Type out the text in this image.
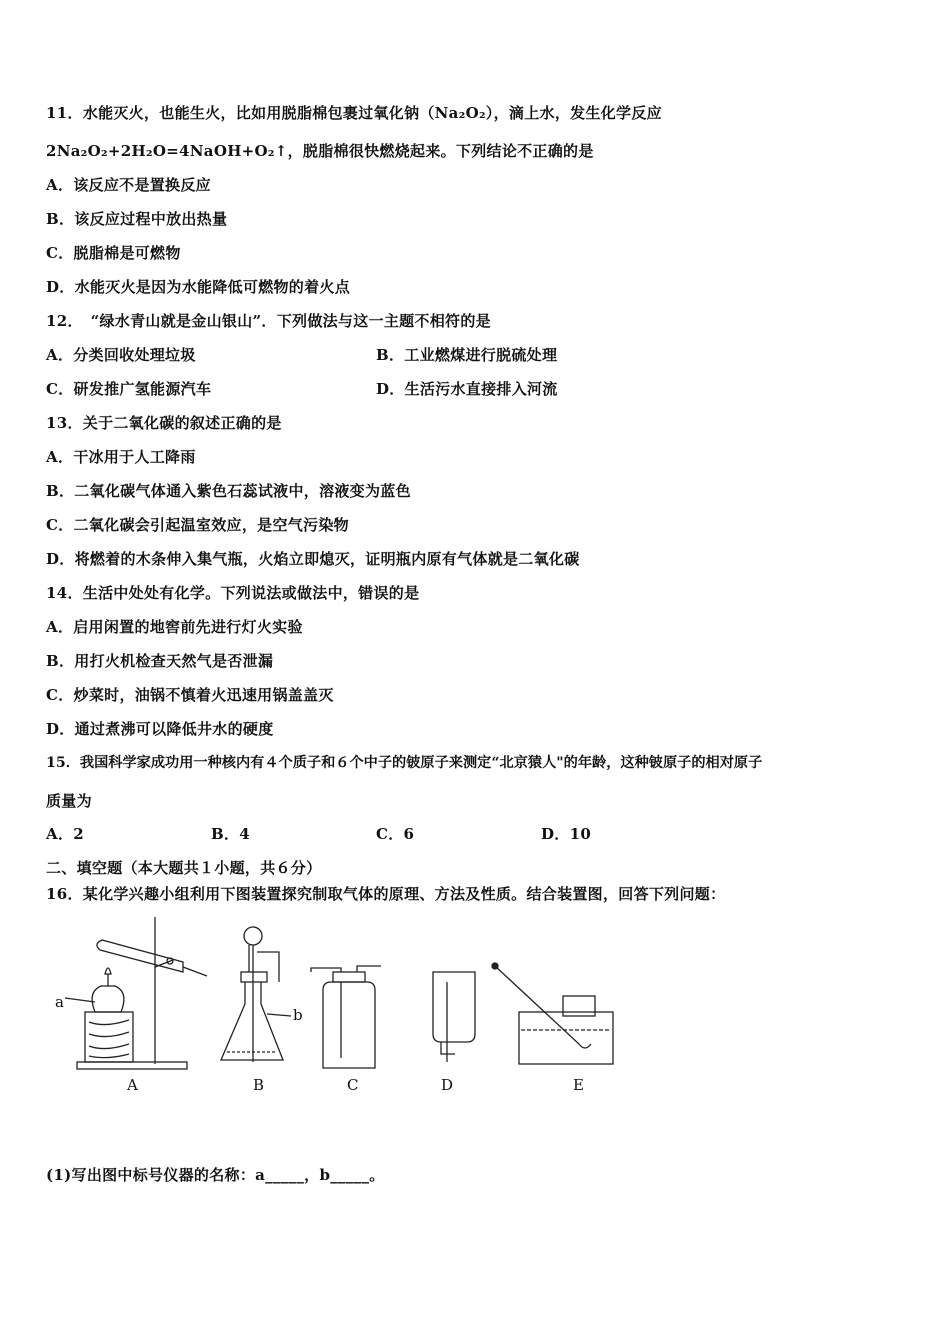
11．水能灭火，也能生火，比如用脱脂棉包裹过氧化钠（Na₂O₂），滴上水，发生化学反应
2Na₂O₂+2H₂O=4NaOH+O₂↑，脱脂棉很快燃烧起来。下列结论不正确的是
A．该反应不是置换反应
B．该反应过程中放出热量
C．脱脂棉是可燃物
D．水能灭火是因为水能降低可燃物的着火点
12．　“绿水青山就是金山银山”．下列做法与这一主题不相符的是
A．分类回收处理垃圾	B．工业燃煤进行脱硫处理
C．研发推广氢能源汽车	D．生活污水直接排入河流
13．关于二氧化碳的叙述正确的是
A．干冰用于人工降雨
B．二氧化碳气体通入紫色石蕊试液中，溶液变为蓝色
C．二氧化碳会引起温室效应，是空气污染物
D．将燃着的木条伸入集气瓶，火焰立即熄灭，证明瓶内原有气体就是二氧化碳
14．生活中处处有化学。下列说法或做法中，错误的是
A．启用闲置的地窖前先进行灯火实验
B．用打火机检查天然气是否泄漏
C．炒菜时，油锅不慎着火迅速用锅盖盖灭
D．通过煮沸可以降低井水的硬度
15．我国科学家成功用一种核内有４个质子和６个中子的铍原子来测定“北京猿人"的年龄，这种铍原子的相对原子
质量为
A．2	B．4	C．6	D．10
二、填空题（本大题共１小题，共６分）
16．某化学兴趣小组利用下图装置探究制取气体的原理、方法及性质。结合装置图，回答下列问题：
a
b
A	B	C	D	E
(1)写出图中标号仪器的名称：a_____，b_____。
